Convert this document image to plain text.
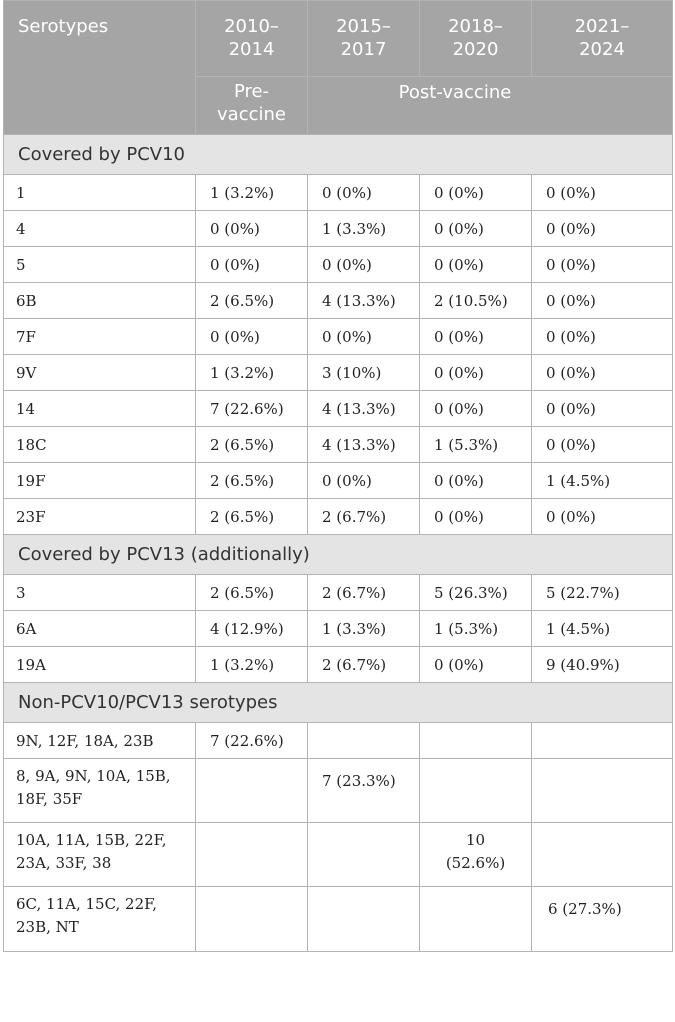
Serotypes	2010–2014	2015–2017	2018–2020	2021–2024
	Pre-vaccine	Post-vaccine		
Covered by PCV10				
1	1 (3.2%)	0 (0%)	0 (0%)	0 (0%)
4	0 (0%)	1 (3.3%)	0 (0%)	0 (0%)
5	0 (0%)	0 (0%)	0 (0%)	0 (0%)
6B	2 (6.5%)	4 (13.3%)	2 (10.5%)	0 (0%)
7F	0 (0%)	0 (0%)	0 (0%)	0 (0%)
9V	1 (3.2%)	3 (10%)	0 (0%)	0 (0%)
14	7 (22.6%)	4 (13.3%)	0 (0%)	0 (0%)
18C	2 (6.5%)	4 (13.3%)	1 (5.3%)	0 (0%)
19F	2 (6.5%)	0 (0%)	0 (0%)	1 (4.5%)
23F	2 (6.5%)	2 (6.7%)	0 (0%)	0 (0%)
Covered by PCV13 (additionally)				
3	2 (6.5%)	2 (6.7%)	5 (26.3%)	5 (22.7%)
6A	4 (12.9%)	1 (3.3%)	1 (5.3%)	1 (4.5%)
19A	1 (3.2%)	2 (6.7%)	0 (0%)	9 (40.9%)
Non-PCV10/PCV13 serotypes				
9N, 12F, 18A, 23B	7 (22.6%)			
8, 9A, 9N, 10A, 15B, 18F, 35F		7 (23.3%)		
10A, 11A, 15B, 22F, 23A, 33F, 38			10 (52.6%)	
6C, 11A, 15C, 22F, 23B, NT				6 (27.3%)
